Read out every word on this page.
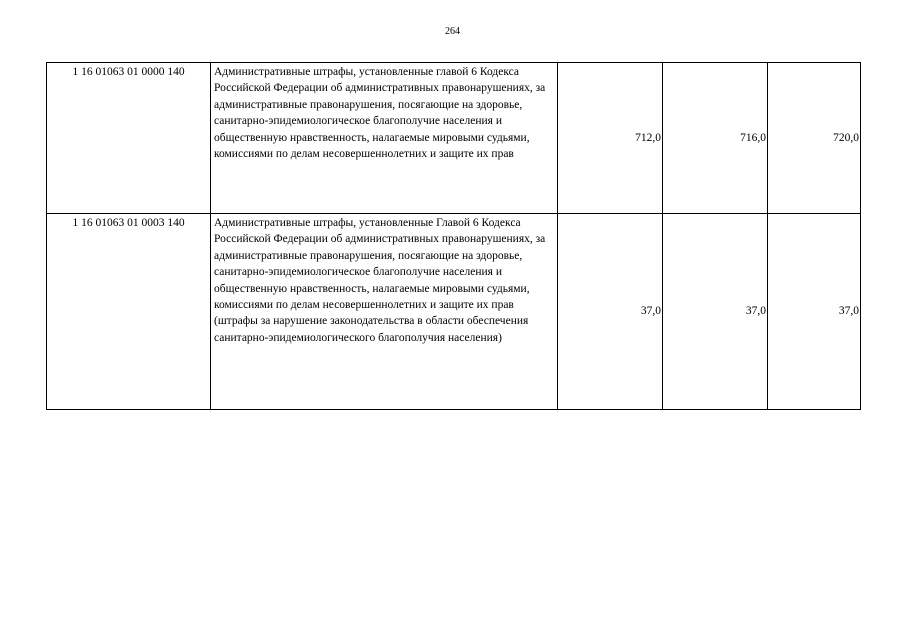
264
1 16 01063 01 0000 140	Административные штрафы, установленные главой 6 Кодекса Российской Федерации об административных правонарушениях, за административные правонарушения, посягающие на здоровье, санитарно-эпидемиологическое благополучие населения и общественную нравственность, налагаемые мировыми судьями, комиссиями по делам несовершеннолетних и защите их прав	712,0	716,0	720,0
1 16 01063 01 0003 140	Административные штрафы, установленные Главой 6 Кодекса Российской Федерации об административных правонарушениях, за административные правонарушения, посягающие на здоровье, санитарно-эпидемиологическое благополучие населения и общественную нравственность, налагаемые мировыми судьями, комиссиями по делам несовершеннолетних и защите их прав (штрафы за нарушение законодательства в области обеспечения санитарно-эпидемиологического благополучия населения)	37,0	37,0	37,0
